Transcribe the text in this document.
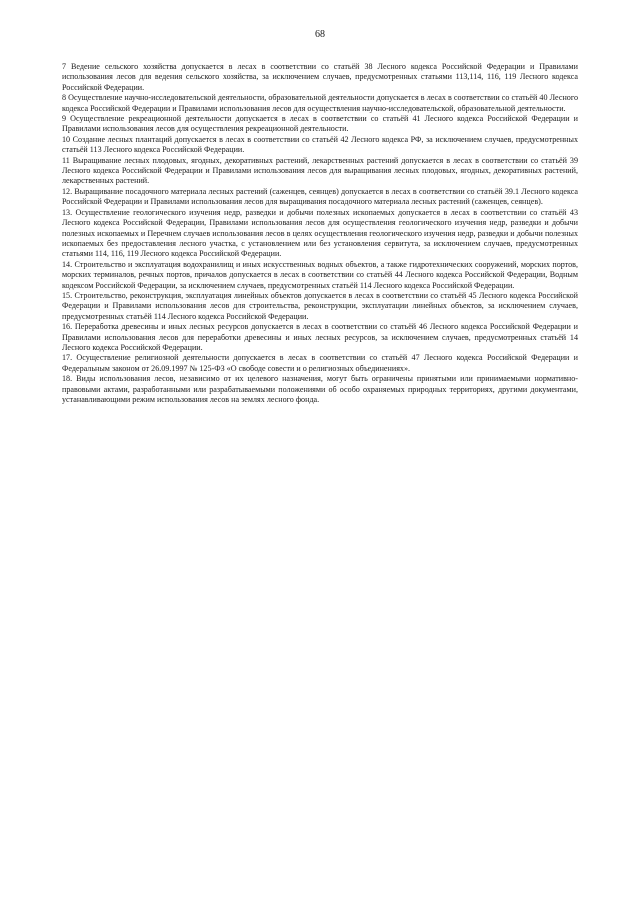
68

7 Ведение сельского хозяйства допускается в лесах в соответствии со статьёй 38 Лесного кодекса Российской Федерации и Правилами использования лесов для ведения сельского хозяйства, за исключением случаев, предусмотренных статьями 113,114, 116, 119 Лесного кодекса Российской Федерации.

8 Осуществление научно-исследовательской деятельности, образовательной деятельности допускается в лесах в соответствии со статьёй 40 Лесного кодекса Российской Федерации и Правилами использования лесов для осуществления научно-исследовательской, образовательной деятельности.

9 Осуществление рекреационной деятельности допускается в лесах в соответствии со статьёй 41 Лесного кодекса Российской Федерации и Правилами использования лесов для осуществления рекреационной деятельности.

10 Создание лесных плантаций допускается в лесах в соответствии со статьёй 42 Лесного кодекса РФ, за исключением случаев, предусмотренных статьёй 113 Лесного кодекса Российской Федерации.

11 Выращивание лесных плодовых, ягодных, декоративных растений, лекарственных растений допускается в лесах в соответствии со статьёй 39 Лесного кодекса Российской Федерации и Правилами использования лесов для выращивания лесных плодовых, ягодных, декоративных растений, лекарственных растений.

12. Выращивание посадочного материала лесных растений (саженцев, сеянцев) допускается в лесах в соответствии со статьёй 39.1 Лесного кодекса Российской Федерации и Правилами использования лесов для выращивания посадочного материала лесных растений (саженцев, сеянцев).

13. Осуществление геологического изучения недр, разведки и добычи полезных ископаемых допускается в лесах в соответствии со статьёй 43 Лесного кодекса Российской Федерации, Правилами использования лесов для осуществления геологического изучения недр, разведки и добычи полезных ископаемых и Перечнем случаев использования лесов в целях осуществления геологического изучения недр, разведки и добычи полезных ископаемых без предоставления лесного участка, с установлением или без установления сервитута, за исключением случаев, предусмотренных статьями 114, 116, 119 Лесного кодекса Российской Федерации.

14. Строительство и эксплуатация водохранилищ и иных искусственных водных объектов, а также гидротехнических сооружений, морских портов, морских терминалов, речных портов, причалов допускается в лесах в соответствии со статьёй 44 Лесного кодекса Российской Федерации, Водным кодексом Российской Федерации, за исключением случаев, предусмотренных статьёй 114 Лесного кодекса Российской Федерации.

15. Строительство, реконструкция, эксплуатация линейных объектов допускается в лесах в соответствии со статьёй 45 Лесного кодекса Российской Федерации и Правилами использования лесов для строительства, реконструкции, эксплуатации линейных объектов, за исключением случаев, предусмотренных статьёй 114 Лесного кодекса Российской Федерации.

16. Переработка древесины и иных лесных ресурсов допускается в лесах в соответствии со статьёй 46 Лесного кодекса Российской Федерации и Правилами использования лесов для переработки древесины и иных лесных ресурсов, за исключением случаев, предусмотренных статьёй 14 Лесного кодекса Российской Федерации.

17. Осуществление религиозной деятельности допускается в лесах в соответствии со статьёй 47 Лесного кодекса Российской Федерации и Федеральным законом от 26.09.1997 № 125-ФЗ «О свободе совести и о религиозных объединениях».

18. Виды использования лесов, независимо от их целевого назначения, могут быть ограничены принятыми или принимаемыми нормативно-правовыми актами, разработанными или разрабатываемыми положениями об особо охраняемых природных территориях, другими документами, устанавливающими режим использования лесов на землях лесного фонда.
